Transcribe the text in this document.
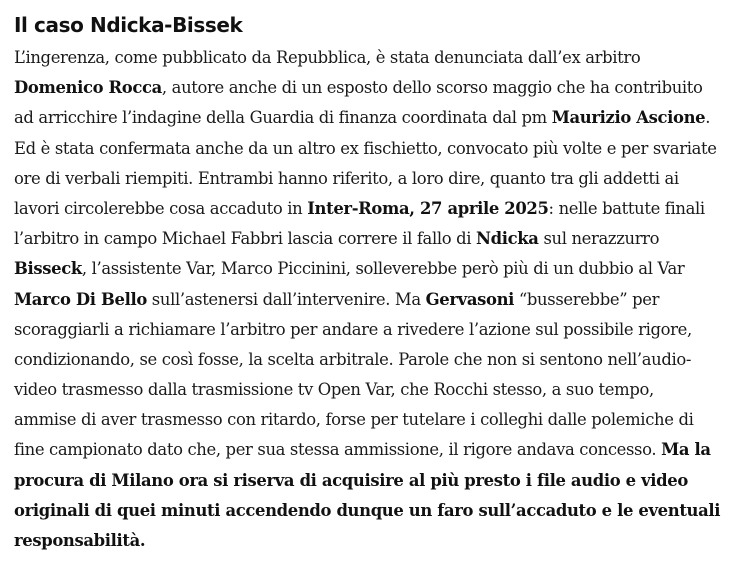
Il caso Ndicka-Bissek
L’ingerenza, come pubblicato da Repubblica, è stata denunciata dall’ex arbitro
Domenico Rocca, autore anche di un esposto dello scorso maggio che ha contribuito
ad arricchire l’indagine della Guardia di finanza coordinata dal pm Maurizio Ascione.
Ed è stata confermata anche da un altro ex fischietto, convocato più volte e per svariate
ore di verbali riempiti. Entrambi hanno riferito, a loro dire, quanto tra gli addetti ai
lavori circolerebbe cosa accaduto in Inter-Roma, 27 aprile 2025: nelle battute finali
l’arbitro in campo Michael Fabbri lascia correre il fallo di Ndicka sul nerazzurro
Bisseck, l’assistente Var, Marco Piccinini, solleverebbe però più di un dubbio al Var
Marco Di Bello sull’astenersi dall’intervenire. Ma Gervasoni “busserebbe” per
scoraggiarli a richiamare l’arbitro per andare a rivedere l’azione sul possibile rigore,
condizionando, se così fosse, la scelta arbitrale. Parole che non si sentono nell’audio-
video trasmesso dalla trasmissione tv Open Var, che Rocchi stesso, a suo tempo,
ammise di aver trasmesso con ritardo, forse per tutelare i colleghi dalle polemiche di
fine campionato dato che, per sua stessa ammissione, il rigore andava concesso. Ma la
procura di Milano ora si riserva di acquisire al più presto i file audio e video
originali di quei minuti accendendo dunque un faro sull’accaduto e le eventuali
responsabilità.
